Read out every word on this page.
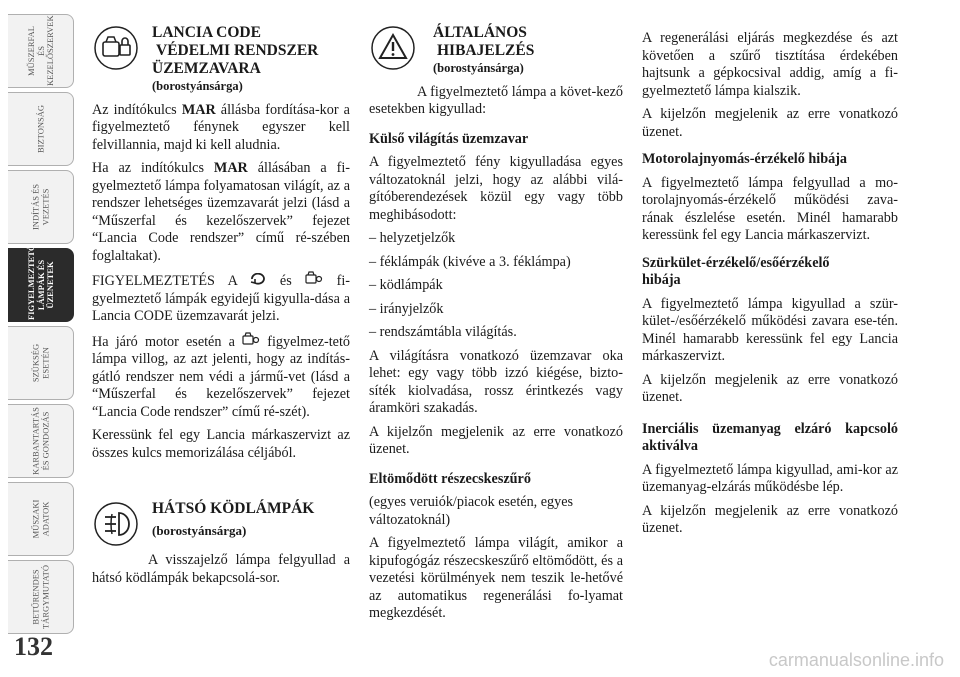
MŰSZERFAL
ÉS
KEZELŐSZERVEK
BIZTONSÁG
INDÍTÁS ÉS
VEZETÉS
FIGYELMEZTETŐ
LÁMPÁK ÉS
ÜZENETEK
SZÜKSÉG
ESETÉN
KARBANTARTÁS
ÉS GONDOZÁS
MŰSZAKI
ADATOK
BETŰRENDES
TÁRGYMUTATÓ
132
LANCIA CODE
VÉDELMI RENDSZER
ÜZEMZAVARA
(borostyánsárga)

Az indítókulcs MAR állásba fordítása-kor a figyelmeztető fénynek egyszer kell felvillannia, majd ki kell aludnia.

Ha az indítókulcs MAR állásában a fi-gyelmeztető lámpa folyamatosan világít, az a rendszer lehetséges üzemzavarát jelzi (lásd a “Műszerfal és kezelőszervek” fejezet “Lancia Code rendszer” című ré-szében foglaltakat).

FIGYELMEZTETÉS A  és  fi-gyelmeztető lámpák egyidejű kigyulla-dása a Lancia CODE üzemzavarát jelzi.

Ha járó motor esetén a  figyelmez-tető lámpa villog, az azt jelenti, hogy az indításgátló rendszer nem védi a jármű-vet (lásd a “Műszerfal és kezelőszervek” fejezet “Lancia Code rendszer” című ré-szét).

Keressünk fel egy Lancia márkaszervizt az összes kulcs memorizálása céljából.

HÁTSÓ KÖDLÁMPÁK
(borostyánsárga)

A visszajelző lámpa felgyullad a hátsó ködlámpák bekapcsolá-sor.

ÁLTALÁNOS
HIBAJELZÉS
(borostyánsárga)

A figyelmeztető lámpa a követ-kező esetekben kigyullad:

Külső világítás üzemzavar

A figyelmeztető fény kigyulladása egyes változatoknál jelzi, hogy az alábbi vilá-gítóberendezések közül egy vagy több meghibásodott:

– helyzetjelzők

– féklámpák (kivéve a 3. féklámpa)

– ködlámpák

– irányjelzők

– rendszámtábla világítás.

A világításra vonatkozó üzemzavar oka lehet: egy vagy több izzó kiégése, bizto-síték kiolvadása, rossz érintkezés vagy áramköri szakadás.

A kijelzőn megjelenik az erre vonatkozó üzenet.

Eltömődött részecskeszűrő

(egyes veruiók/piacok esetén, egyes változatoknál)

A figyelmeztető lámpa világít, amikor a kipufogógáz részecskeszűrő eltömődött, és a vezetési körülmények nem teszik le-hetővé az automatikus regenerálási fo-lyamat megkezdését.

A regenerálási eljárás megkezdése és azt követően a szűrő tisztítása érdekében hajtsunk a gépkocsival addig, amíg a fi-gyelmeztető lámpa kialszik.

A kijelzőn megjelenik az erre vonatkozó üzenet.

Motorolajnyomás-érzékelő hibája

A figyelmeztető lámpa felgyullad a mo-torolajnyomás-érzékelő működési zava-rának észlelése esetén. Minél hamarabb keressünk fel egy Lancia márkaszervizt.

Szürkület-érzékelő/esőérzékelő hibája

A figyelmeztető lámpa kigyullad a szür-kület-/esőérzékelő működési zavara ese-tén. Minél hamarabb keressünk fel egy Lancia márkaszervizt.

A kijelzőn megjelenik az erre vonatkozó üzenet.

Inerciális üzemanyag elzáró kapcsoló aktiválva

A figyelmeztető lámpa kigyullad, ami-kor az üzemanyag-elzárás működésbe lép.

A kijelzőn megjelenik az erre vonatkozó üzenet.

carmanualsonline.info
